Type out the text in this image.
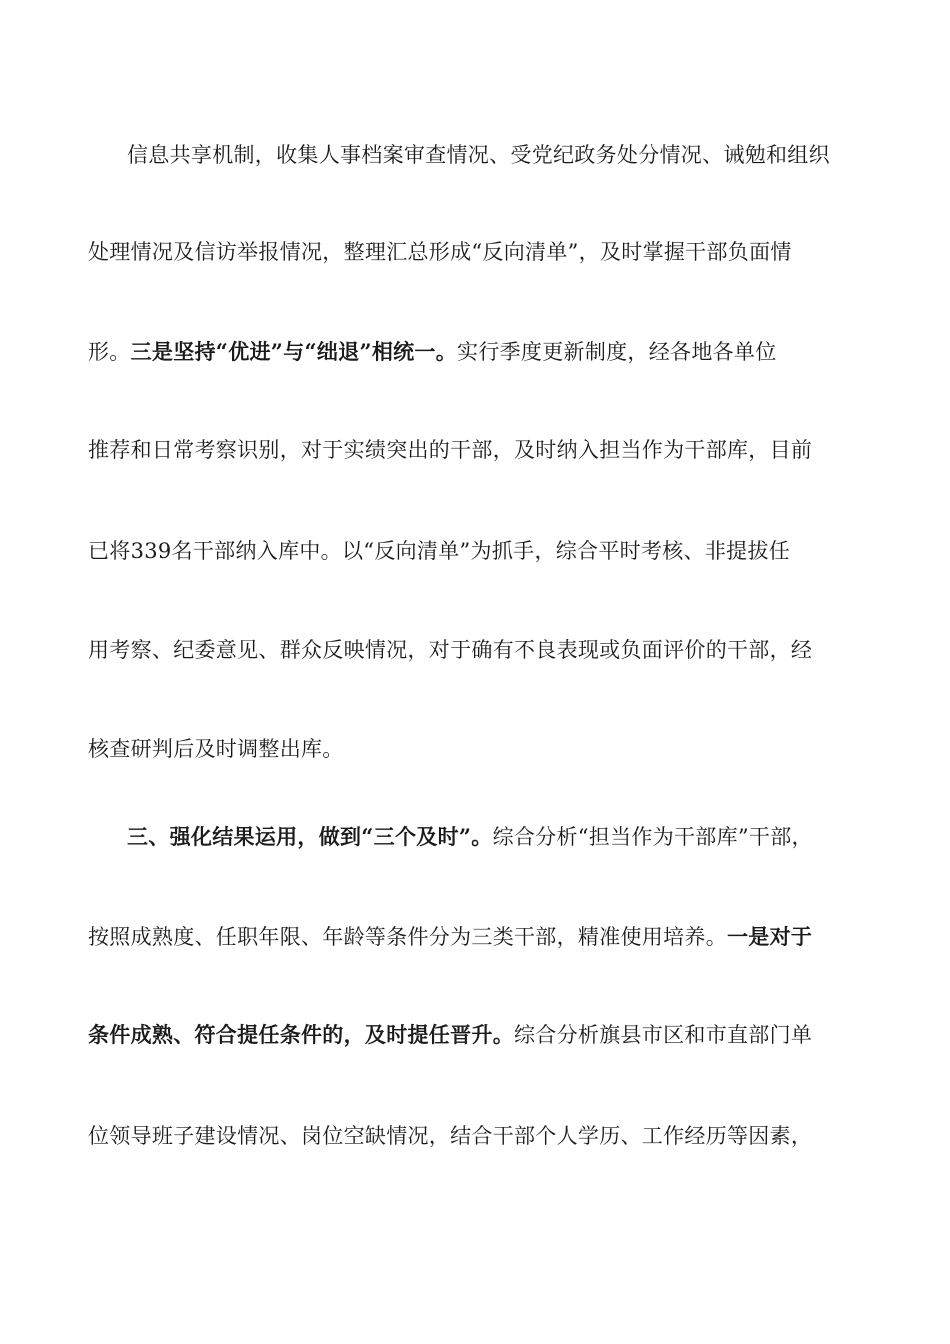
信息共享机制，收集人事档案审查情况、受党纪政务处分情况、诫勉和组织
处理情况及信访举报情况，整理汇总形成“反向清单”，及时掌握干部负面情
形。三是坚持“优进”与“绌退”相统一。实行季度更新制度，经各地各单位
推荐和日常考察识别，对于实绩突出的干部，及时纳入担当作为干部库，目前
已将339名干部纳入库中。以“反向清单”为抓手，综合平时考核、非提拔任
用考察、纪委意见、群众反映情况，对于确有不良表现或负面评价的干部，经
核查研判后及时调整出库。
三、强化结果运用，做到“三个及时”。综合分析“担当作为干部库”干部，
按照成熟度、任职年限、年龄等条件分为三类干部，精准使用培养。一是对于
条件成熟、符合提任条件的，及时提任晋升。综合分析旗县市区和市直部门单
位领导班子建设情况、岗位空缺情况，结合干部个人学历、工作经历等因素，
